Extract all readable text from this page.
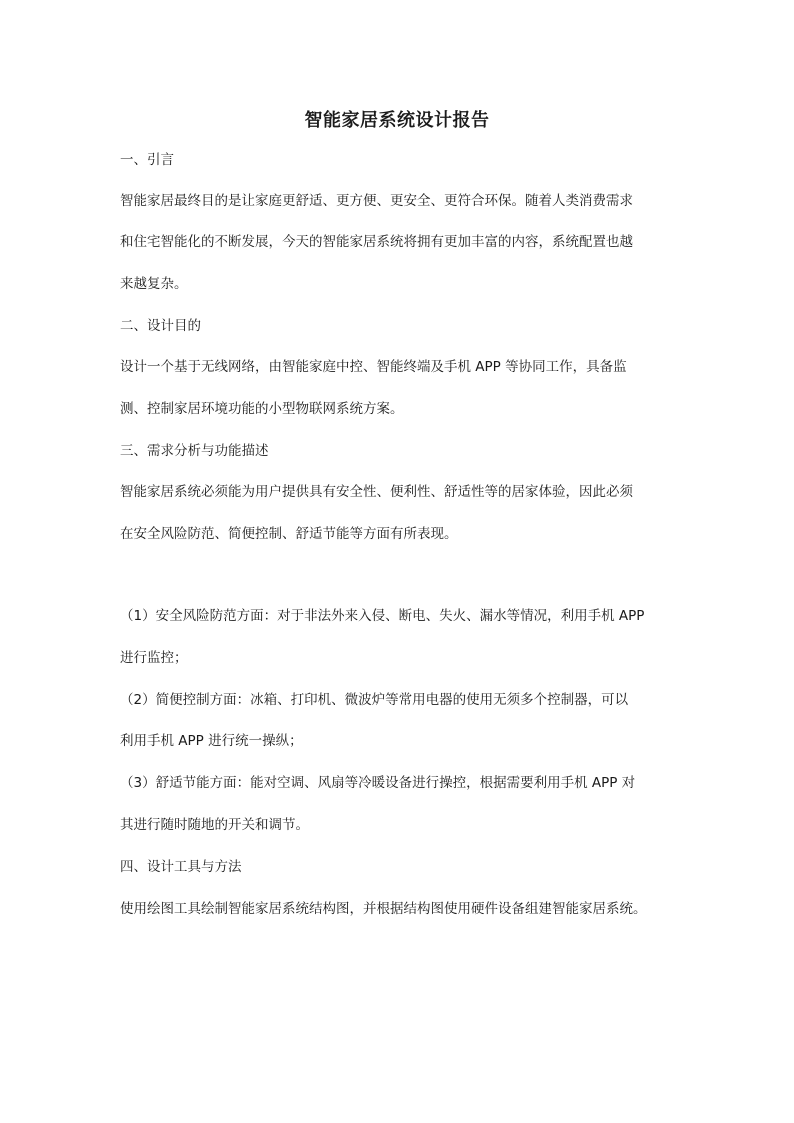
智能家居系统设计报告

一、引言

智能家居最终目的是让家庭更舒适、更方便、更安全、更符合环保。随着人类消费需求

和住宅智能化的不断发展，今天的智能家居系统将拥有更加丰富的内容，系统配置也越

来越复杂。

二、设计目的

设计一个基于无线网络，由智能家庭中控、智能终端及手机 APP 等协同工作，具备监

测、控制家居环境功能的小型物联网系统方案。

三、需求分析与功能描述

智能家居系统必须能为用户提供具有安全性、便利性、舒适性等的居家体验，因此必须

在安全风险防范、简便控制、舒适节能等方面有所表现。

（1）安全风险防范方面：对于非法外来入侵、断电、失火、漏水等情况，利用手机 APP

进行监控；

（2）简便控制方面：冰箱、打印机、微波炉等常用电器的使用无须多个控制器，可以

利用手机 APP 进行统一操纵；

（3）舒适节能方面：能对空调、风扇等冷暖设备进行操控，根据需要利用手机 APP 对

其进行随时随地的开关和调节。

四、设计工具与方法

使用绘图工具绘制智能家居系统结构图，并根据结构图使用硬件设备组建智能家居系统。
